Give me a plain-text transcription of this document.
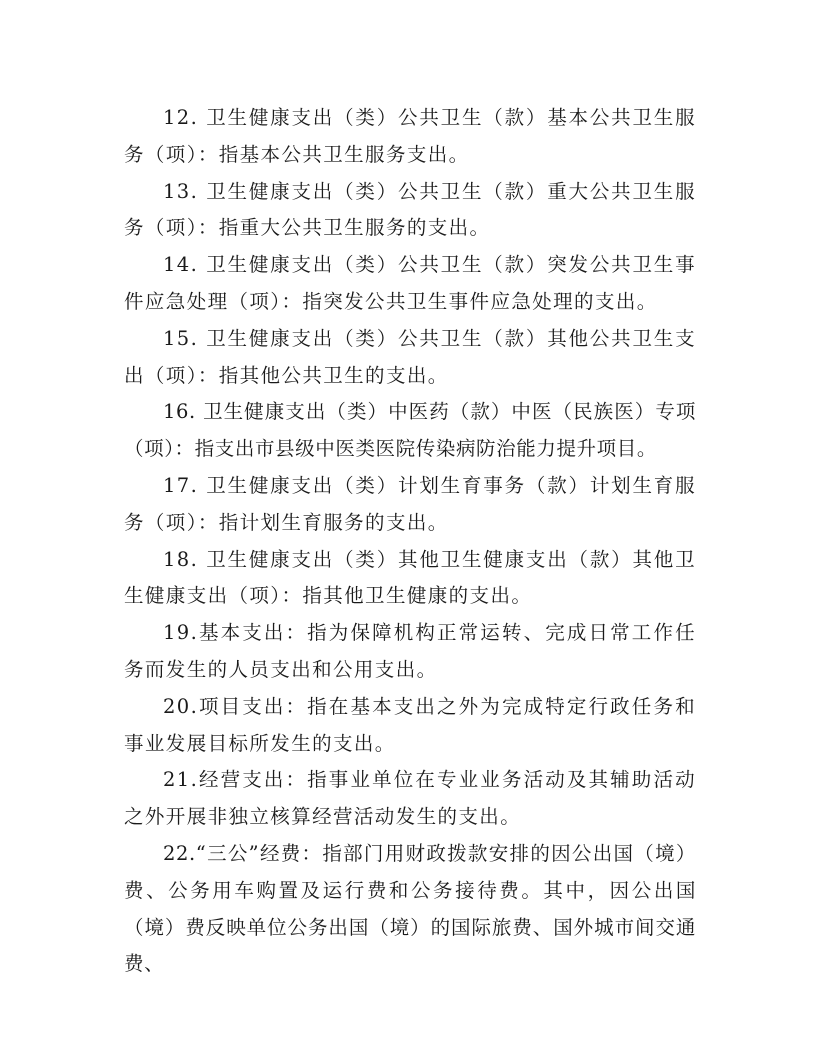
12. 卫生健康支出（类）公共卫生（款）基本公共卫生服务（项）：指基本公共卫生服务支出。

13. 卫生健康支出（类）公共卫生（款）重大公共卫生服务（项）：指重大公共卫生服务的支出。

14. 卫生健康支出（类）公共卫生（款）突发公共卫生事件应急处理（项）：指突发公共卫生事件应急处理的支出。

15. 卫生健康支出（类）公共卫生（款）其他公共卫生支出（项）：指其他公共卫生的支出。

16. 卫生健康支出（类）中医药（款）中医（民族医）专项（项）：指支出市县级中医类医院传染病防治能力提升项目。

17. 卫生健康支出（类）计划生育事务（款）计划生育服务（项）：指计划生育服务的支出。

18. 卫生健康支出（类）其他卫生健康支出（款）其他卫生健康支出（项）：指其他卫生健康的支出。

19.基本支出：指为保障机构正常运转、完成日常工作任务而发生的人员支出和公用支出。

20.项目支出：指在基本支出之外为完成特定行政任务和事业发展目标所发生的支出。

21.经营支出：指事业单位在专业业务活动及其辅助活动之外开展非独立核算经营活动发生的支出。

22.“三公”经费：指部门用财政拨款安排的因公出国（境）费、公务用车购置及运行费和公务接待费。其中，因公出国（境）费反映单位公务出国（境）的国际旅费、国外城市间交通费、
